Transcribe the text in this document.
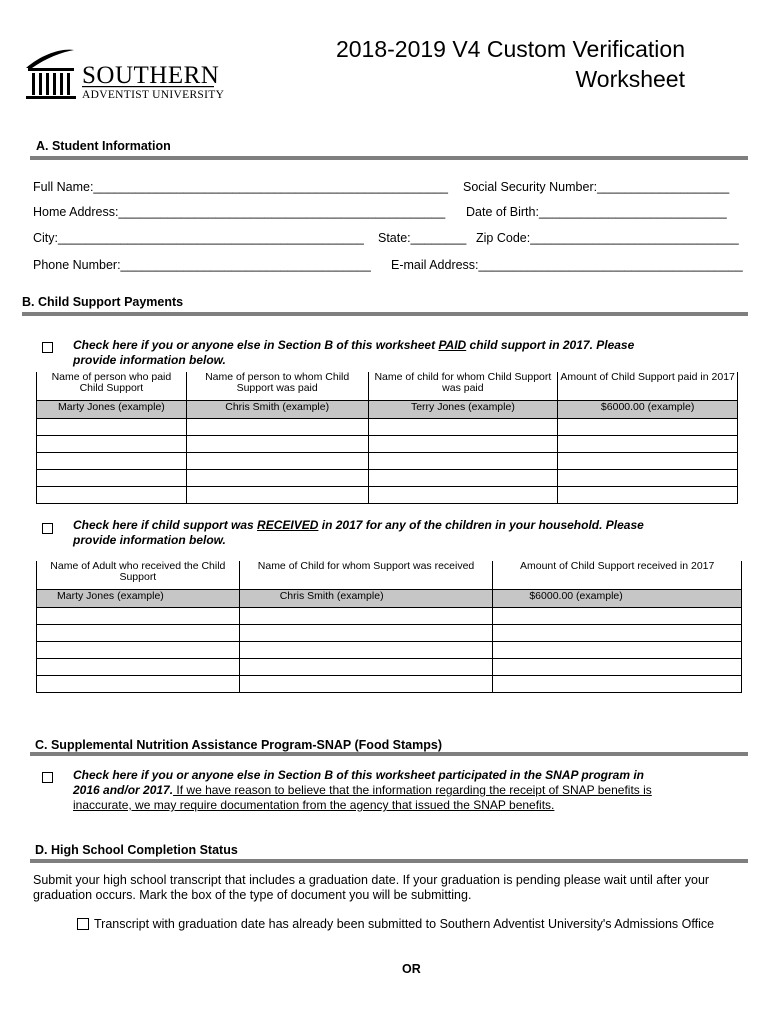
SOUTHERN
ADVENTIST UNIVERSITY
2018-2019 V4 Custom Verification
Worksheet
A. Student Information
Full Name:___________________________________________________ Social Security Number:___________________
Home Address:_______________________________________________ Date of Birth:___________________________
City:____________________________________________ State:________ Zip Code:______________________________
Phone Number:____________________________________ E-mail Address:______________________________________
B. Child Support Payments
Check here if you or anyone else in Section B of this worksheet PAID child support in 2017. Please
provide information below.
Name of person who paid Child Support	Name of person to whom Child Support was paid	Name of child for whom Child Support was paid	Amount of Child Support paid in 2017
Marty Jones (example)	Chris Smith (example)	Terry Jones (example)	$6000.00 (example)

Check here if child support was RECEIVED in 2017 for any of the children in your household. Please
provide information below.
Name of Adult who received the Child Support	Name of Child for whom Support was received	Amount of Child Support received in 2017
Marty Jones (example)	Chris Smith (example)	$6000.00 (example)

C. Supplemental Nutrition Assistance Program-SNAP (Food Stamps)
Check here if you or anyone else in Section B of this worksheet participated in the SNAP program in
2016 and/or 2017. If we have reason to believe that the information regarding the receipt of SNAP benefits is
inaccurate, we may require documentation from the agency that issued the SNAP benefits.
D. High School Completion Status
Submit your high school transcript that includes a graduation date. If your graduation is pending please wait until after your
graduation occurs. Mark the box of the type of document you will be submitting.
Transcript with graduation date has already been submitted to Southern Adventist University's Admissions Office
OR
